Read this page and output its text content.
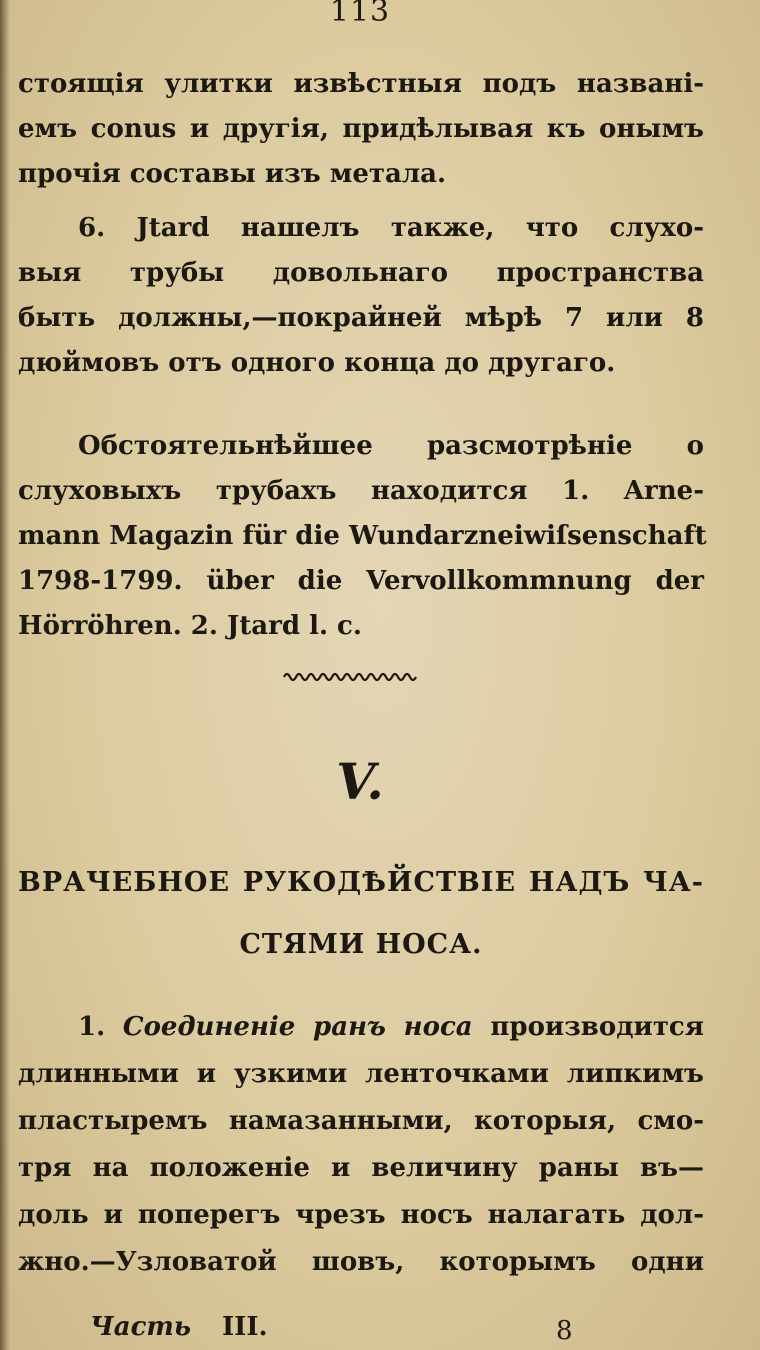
113
стоящія улитки извѣстныя подъ названі-
емъ conus и другія, придѣлывая къ онымъ
прочія составы изъ метала.
6. Jtard нашелъ также, что слухо-
выя трубы довольнаго пространства
быть должны,—покрайней мѣрѣ 7 или 8
дюймовъ отъ одного конца до другаго.
Обстоятельнѣйшее разсмотрѣніе о
слуховыхъ трубахъ находится 1. Arne-
mann Magazin für die Wundarzneiwiſsenschaft
1798-1799. über die Vervollkommnung der
Hörröhren. 2. Jtard l. c.
V.
ВРАЧЕБНОЕ РУКОДѢЙСТВІЕ НАДЪ ЧА-
СТЯМИ НОСА.
1. Соединеніе ранъ носа производится
длинными и узкими ленточками липкимъ
пластыремъ намазанными, которыя, смо-
тря на положеніе и величину раны въ—
доль и поперегъ чрезъ носъ налагать дол-
жно.—Узловатой шовъ, которымъ одни
Часть III.	8
